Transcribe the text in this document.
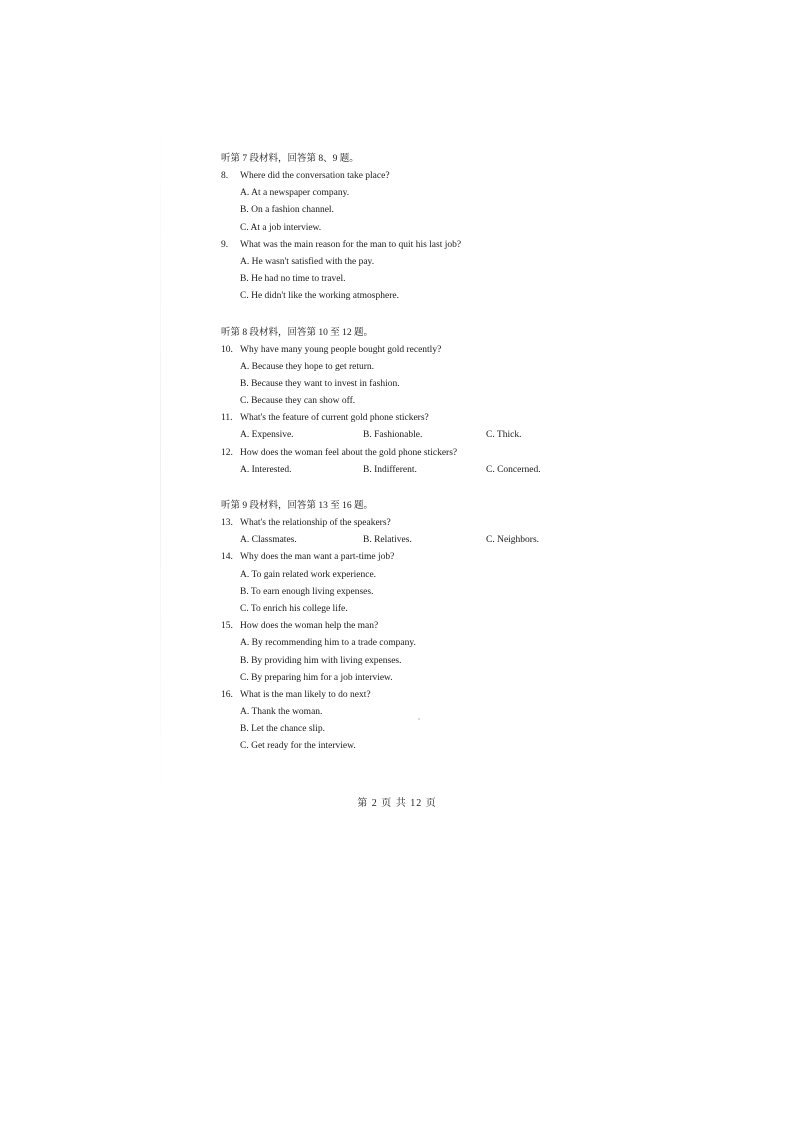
听第 7 段材料，回答第 8、9 题。
8.	Where did the conversation take place?
A. At a newspaper company.
B. On a fashion channel.
C. At a job interview.
9.	What was the main reason for the man to quit his last job?
A. He wasn't satisfied with the pay.
B. He had no time to travel.
C. He didn't like the working atmosphere.
听第 8 段材料，回答第 10 至 12 题。
10. Why have many young people bought gold recently?
A. Because they hope to get return.
B. Because they want to invest in fashion.
C. Because they can show off.
11. What's the feature of current gold phone stickers?
A. Expensive.	B. Fashionable.	C. Thick.
12. How does the woman feel about the gold phone stickers?
A. Interested.	B. Indifferent.	C. Concerned.
听第 9 段材料，回答第 13 至 16 题。
13. What's the relationship of the speakers?
A. Classmates.	B. Relatives.	C. Neighbors.
14. Why does the man want a part-time job?
A. To gain related work experience.
B. To earn enough living expenses.
C. To enrich his college life.
15. How does the woman help the man?
A. By recommending him to a trade company.
B. By providing him with living expenses.
C. By preparing him for a job interview.
16. What is the man likely to do next?
A. Thank the woman.
B. Let the chance slip.
C. Get ready for the interview.
第 2 页 共 12 页
